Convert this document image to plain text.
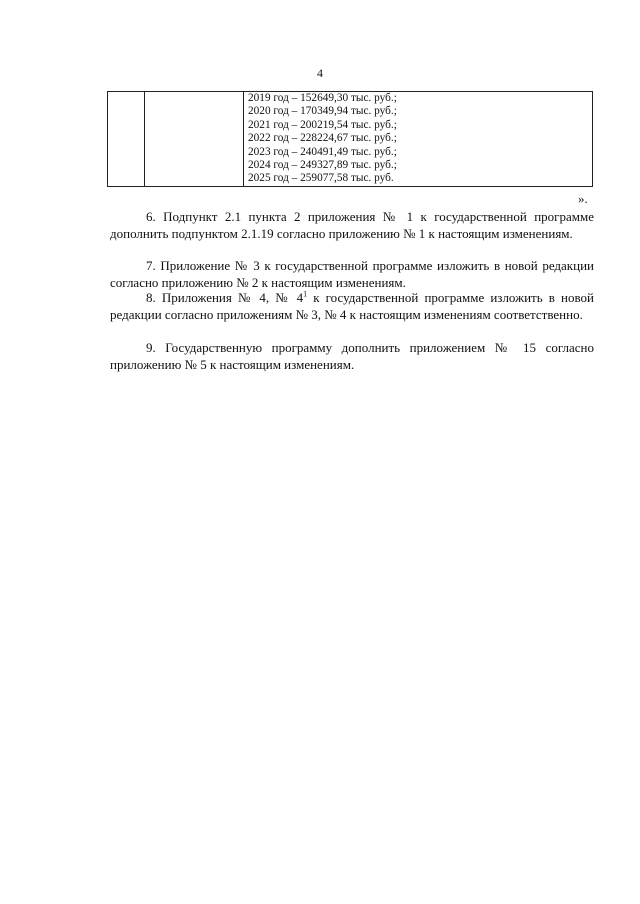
4

2019 год – 152649,30 тыс. руб.;
2020 год – 170349,94 тыс. руб.;
2021 год – 200219,54 тыс. руб.;
2022 год – 228224,67 тыс. руб.;
2023 год – 240491,49 тыс. руб.;
2024 год – 249327,89 тыс. руб.;
2025 год – 259077,58 тыс. руб.
».

6. Подпункт 2.1 пункта 2 приложения № 1 к государственной программе дополнить подпунктом 2.1.19 согласно приложению № 1 к настоящим изменениям.

7. Приложение № 3 к государственной программе изложить в новой редакции согласно приложению № 2 к настоящим изменениям.

8. Приложения № 4, № $4^1$ к государственной программе изложить в новой редакции согласно приложениям № 3, № 4 к настоящим изменениям соответственно.

9. Государственную программу дополнить приложением № 15 согласно приложению № 5 к настоящим изменениям.
